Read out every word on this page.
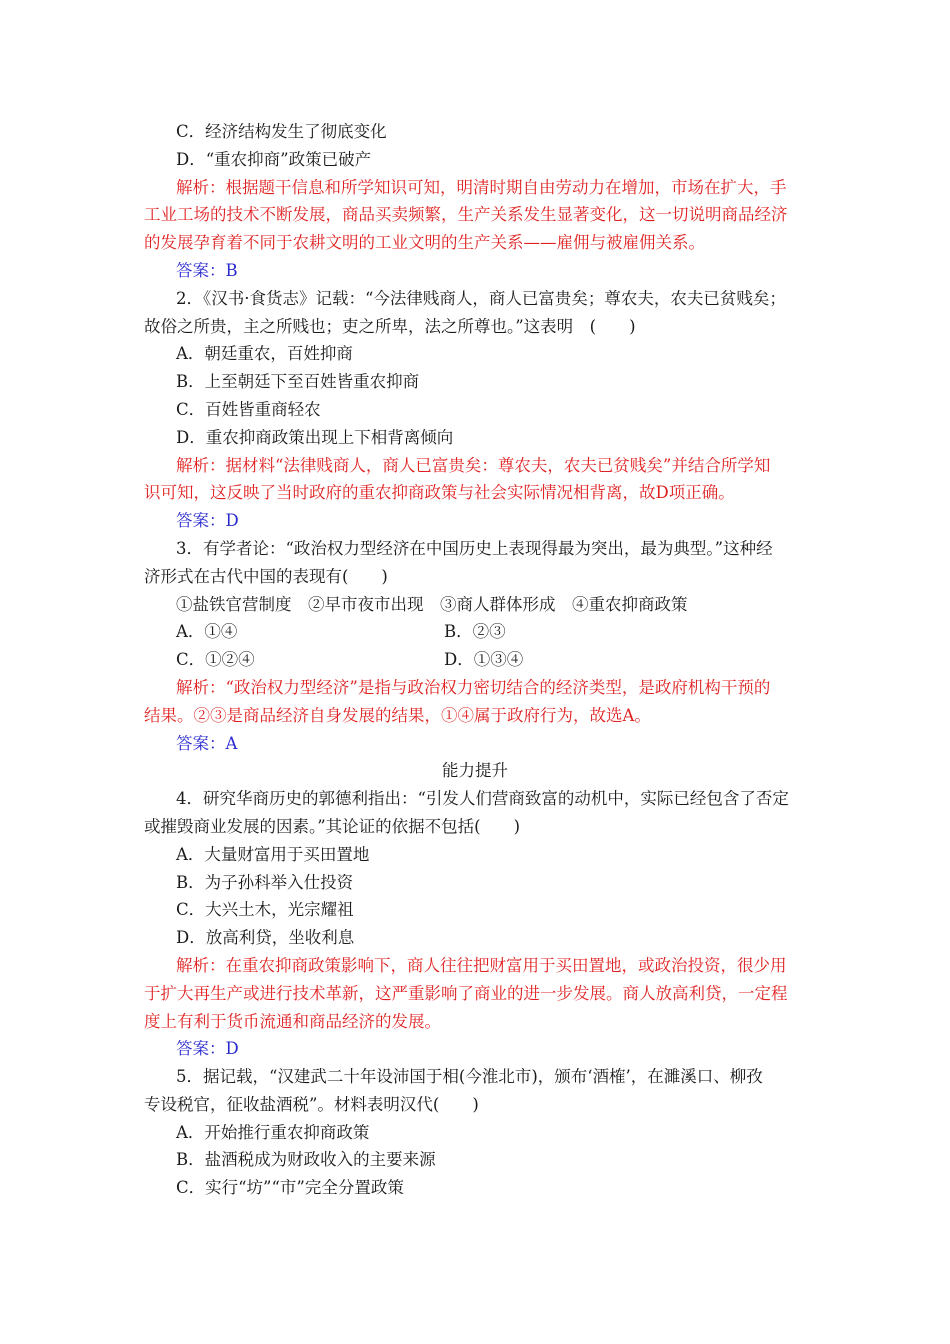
C．经济结构发生了彻底变化
D．“重农抑商”政策已破产
解析：根据题干信息和所学知识可知，明清时期自由劳动力在增加，市场在扩大，手
工业工场的技术不断发展，商品买卖频繁，生产关系发生显著变化，这一切说明商品经济
的发展孕育着不同于农耕文明的工业文明的生产关系——雇佣与被雇佣关系。
答案：B
2．《汉书·食货志》记载：“今法律贱商人，商人已富贵矣；尊农夫，农夫已贫贱矣；
故俗之所贵，主之所贱也；吏之所卑，法之所尊也。”这表明　(　　)
A．朝廷重农，百姓抑商
B．上至朝廷下至百姓皆重农抑商
C．百姓皆重商轻农
D．重农抑商政策出现上下相背离倾向
解析：据材料“法律贱商人，商人已富贵矣：尊农夫，农夫已贫贱矣”并结合所学知
识可知，这反映了当时政府的重农抑商政策与社会实际情况相背离，故D项正确。
答案：D
3．有学者论：“政治权力型经济在中国历史上表现得最为突出，最为典型。”这种经
济形式在古代中国的表现有(　　)
①盐铁官营制度　②早市夜市出现　③商人群体形成　④重农抑商政策
A．①④	B．②③
C．①②④	D．①③④
解析：“政治权力型经济”是指与政治权力密切结合的经济类型，是政府机构干预的
结果。②③是商品经济自身发展的结果，①④属于政府行为，故选A。
答案：A
能力提升
4．研究华商历史的郭德利指出：“引发人们营商致富的动机中，实际已经包含了否定
或摧毁商业发展的因素。”其论证的依据不包括(　　)
A．大量财富用于买田置地
B．为子孙科举入仕投资
C．大兴土木，光宗耀祖
D．放高利贷，坐收利息
解析：在重农抑商政策影响下，商人往往把财富用于买田置地，或政治投资，很少用
于扩大再生产或进行技术革新，这严重影响了商业的进一步发展。商人放高利贷，一定程
度上有利于货币流通和商品经济的发展。
答案：D
5．据记载，“汉建武二十年设沛国于相(今淮北市)，颁布‘酒榷’，在濉溪口、柳孜
专设税官，征收盐酒税”。材料表明汉代(　　)
A．开始推行重农抑商政策
B．盐酒税成为财政收入的主要来源
C．实行“坊”“市”完全分置政策
